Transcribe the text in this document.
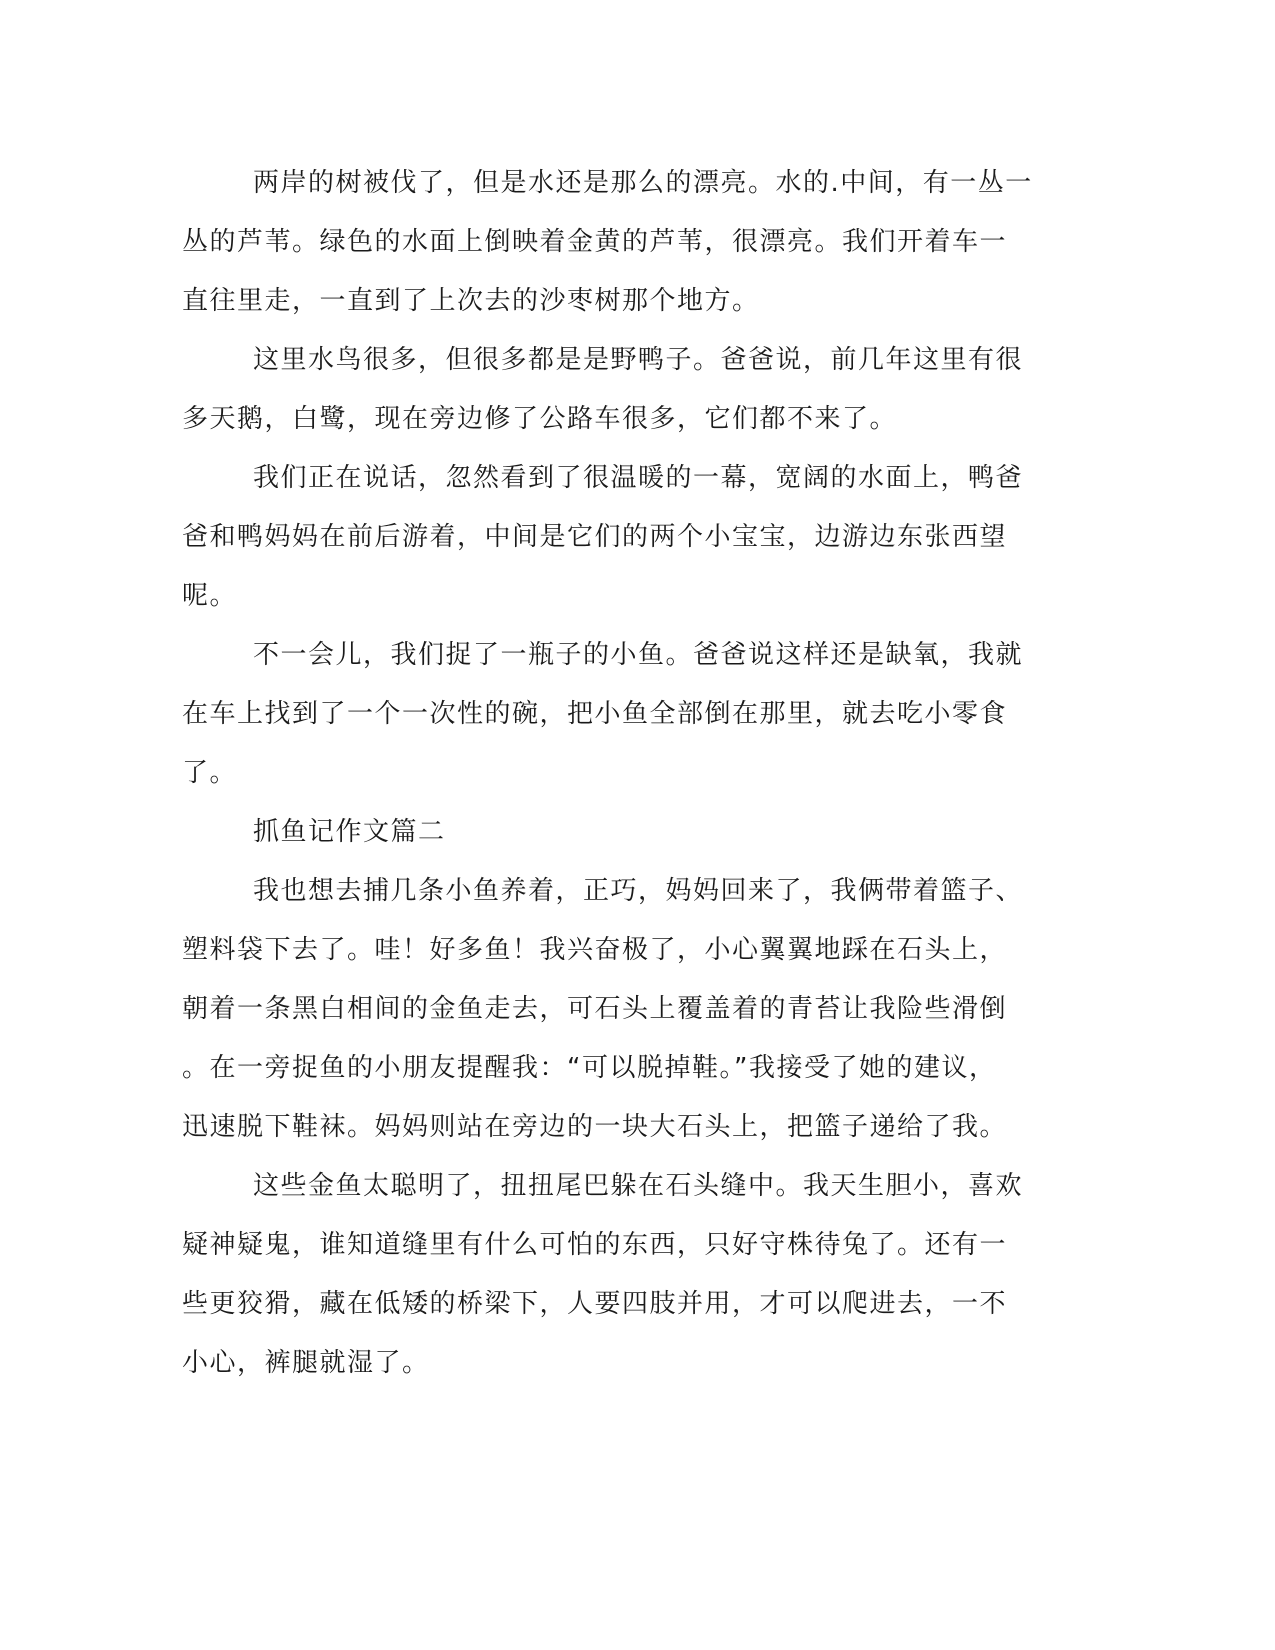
两岸的树被伐了，但是水还是那么的漂亮。水的.中间，有一丛一
丛的芦苇。绿色的水面上倒映着金黄的芦苇，很漂亮。我们开着车一
直往里走，一直到了上次去的沙枣树那个地方。
这里水鸟很多，但很多都是是野鸭子。爸爸说，前几年这里有很
多天鹅，白鹭，现在旁边修了公路车很多，它们都不来了。
我们正在说话，忽然看到了很温暖的一幕，宽阔的水面上，鸭爸
爸和鸭妈妈在前后游着，中间是它们的两个小宝宝，边游边东张西望
呢。
不一会儿，我们捉了一瓶子的小鱼。爸爸说这样还是缺氧，我就
在车上找到了一个一次性的碗，把小鱼全部倒在那里，就去吃小零食
了。
抓鱼记作文篇二
我也想去捕几条小鱼养着，正巧，妈妈回来了，我俩带着篮子、
塑料袋下去了。哇！好多鱼！我兴奋极了，小心翼翼地踩在石头上，
朝着一条黑白相间的金鱼走去，可石头上覆盖着的青苔让我险些滑倒
。在一旁捉鱼的小朋友提醒我：“可以脱掉鞋。”我接受了她的建议，
迅速脱下鞋袜。妈妈则站在旁边的一块大石头上，把篮子递给了我。
这些金鱼太聪明了，扭扭尾巴躲在石头缝中。我天生胆小，喜欢
疑神疑鬼，谁知道缝里有什么可怕的东西，只好守株待兔了。还有一
些更狡猾，藏在低矮的桥梁下，人要四肢并用，才可以爬进去，一不
小心，裤腿就湿了。
